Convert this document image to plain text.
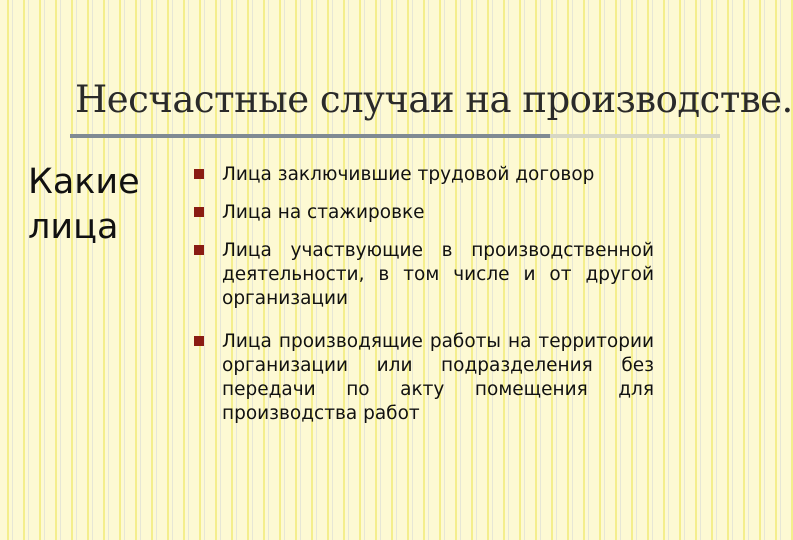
Несчастные случаи на производстве.
Какие лица
Лица заключившие трудовой договор
Лица на стажировке
Лица участвующие в производственной деятельности, в том числе и от другой организации
Лица производящие работы на территории организации или подразделения без передачи по акту помещения для производства работ
